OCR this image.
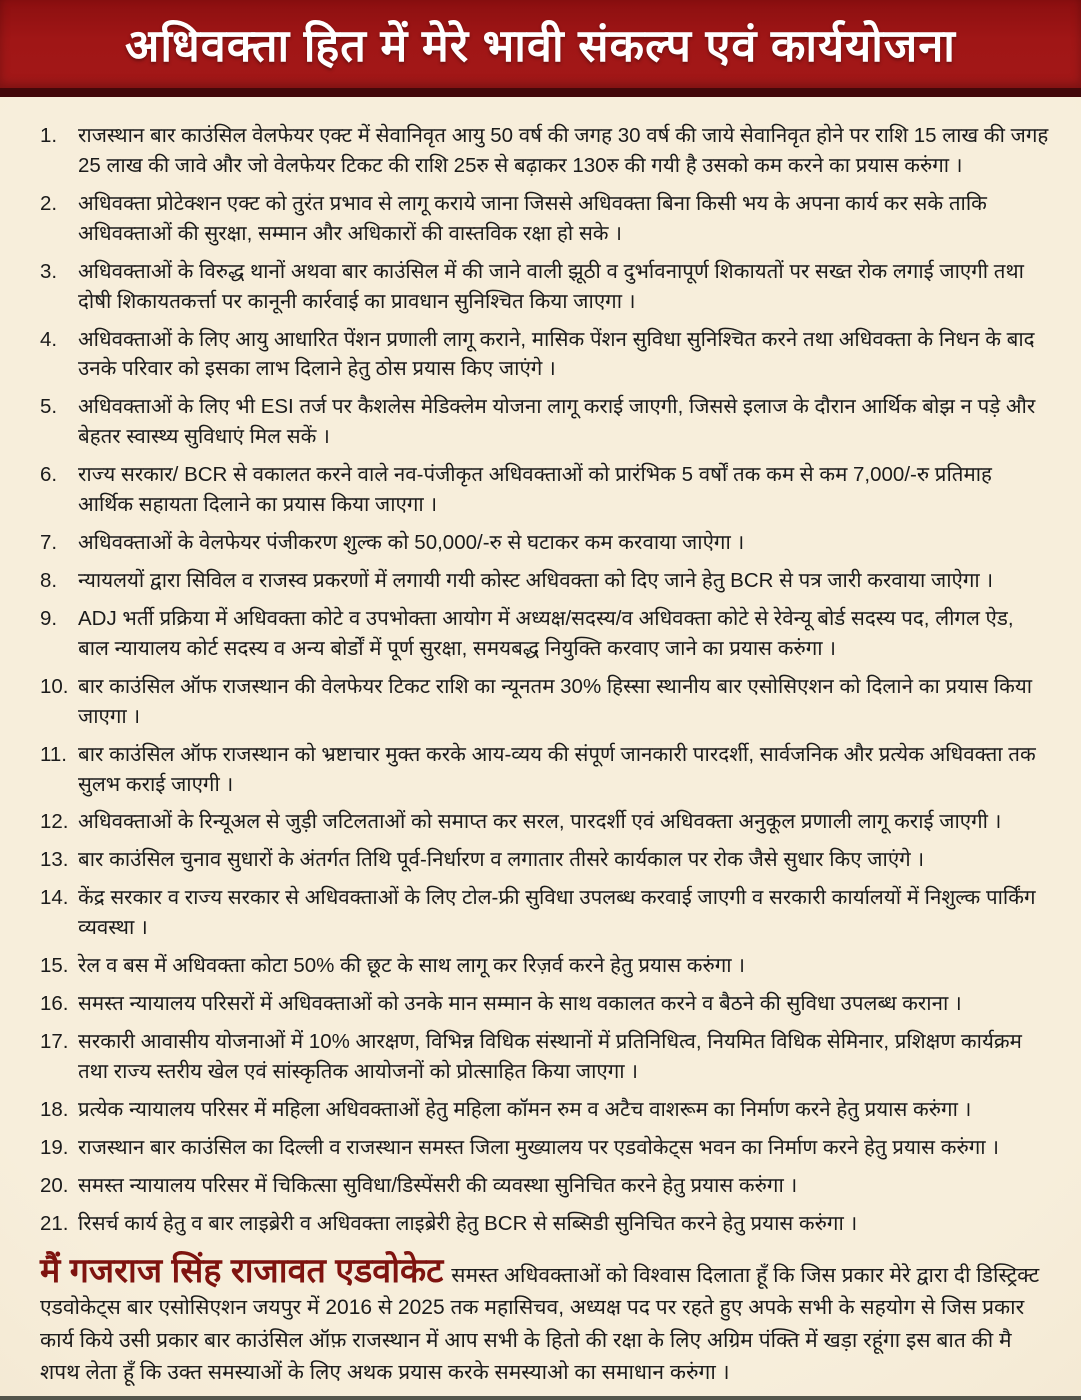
अधिवक्ता हित में मेरे भावी संकल्प एवं कार्ययोजना
1.	राजस्थान बार काउंसिल वेलफेयर एक्ट में सेवानिवृत आयु 50 वर्ष की जगह 30 वर्ष की जाये सेवानिवृत होने पर राशि 15 लाख की जगह 25 लाख की जावे और जो वेलफेयर टिकट की राशि 25रु से बढ़ाकर 130रु की गयी है उसको कम करने का प्रयास करुंगा ।
2.	अधिवक्ता प्रोटेक्शन एक्ट को तुरंत प्रभाव से लागू कराये जाना जिससे अधिवक्ता बिना किसी भय के अपना कार्य कर सके ताकि अधिवक्ताओं की सुरक्षा, सम्मान और अधिकारों की वास्तविक रक्षा हो सके ।
3.	अधिवक्ताओं के विरुद्ध थानों अथवा बार काउंसिल में की जाने वाली झूठी व दुर्भावनापूर्ण शिकायतों पर सख्त रोक लगाई जाएगी तथा दोषी शिकायतकर्त्ता पर कानूनी कार्रवाई का प्रावधान सुनिश्चित किया जाएगा ।
4.	अधिवक्ताओं के लिए आयु आधारित पेंशन प्रणाली लागू कराने, मासिक पेंशन सुविधा सुनिश्चित करने तथा अधिवक्ता के निधन के बाद उनके परिवार को इसका लाभ दिलाने हेतु ठोस प्रयास किए जाएंगे ।
5.	अधिवक्ताओं के लिए भी ESI तर्ज पर कैशलेस मेडिक्लेम योजना लागू कराई जाएगी, जिससे इलाज के दौरान आर्थिक बोझ न पड़े और बेहतर स्वास्थ्य सुविधाएं मिल सकें ।
6.	राज्य सरकार/ BCR से वकालत करने वाले नव-पंजीकृत अधिवक्ताओं को प्रारंभिक 5 वर्षों तक कम से कम 7,000/-रु प्रतिमाह आर्थिक सहायता दिलाने का प्रयास किया जाएगा ।
7.	अधिवक्ताओं के वेलफेयर पंजीकरण शुल्क को 50,000/-रु से घटाकर कम करवाया जाऐगा ।
8.	न्यायलयों द्वारा सिविल व राजस्व प्रकरणों में लगायी गयी कोस्ट अधिवक्ता को दिए जाने हेतु BCR से पत्र जारी करवाया जाऐगा ।
9.	ADJ भर्ती प्रक्रिया में अधिवक्ता कोटे व उपभोक्ता आयोग में अध्यक्ष/सदस्य/व अधिवक्ता कोटे से रेवेन्यू बोर्ड सदस्य पद, लीगल ऐड, बाल न्यायालय कोर्ट सदस्य व अन्य बोर्डों में पूर्ण सुरक्षा, समयबद्ध नियुक्ति करवाए जाने का प्रयास करुंगा ।
10. बार काउंसिल ऑफ राजस्थान की वेलफेयर टिकट राशि का न्यूनतम 30% हिस्सा स्थानीय बार एसोसिएशन को दिलाने का प्रयास किया जाएगा ।
11. बार काउंसिल ऑफ राजस्थान को भ्रष्टाचार मुक्त करके आय-व्यय की संपूर्ण जानकारी पारदर्शी, सार्वजनिक और प्रत्येक अधिवक्ता तक सुलभ कराई जाएगी ।
12. अधिवक्ताओं के रिन्यूअल से जुड़ी जटिलताओं को समाप्त कर सरल, पारदर्शी एवं अधिवक्ता अनुकूल प्रणाली लागू कराई जाएगी ।
13. बार काउंसिल चुनाव सुधारों के अंतर्गत तिथि पूर्व-निर्धारण व लगातार तीसरे कार्यकाल पर रोक जैसे सुधार किए जाएंगे ।
14. केंद्र सरकार व राज्य सरकार से अधिवक्ताओं के लिए टोल-फ्री सुविधा उपलब्ध करवाई जाएगी व सरकारी कार्यालयों में निशुल्क पार्किंग व्यवस्था ।
15. रेल व बस में अधिवक्ता कोटा 50% की छूट के साथ लागू कर रिज़र्व करने हेतु प्रयास करुंगा ।
16. समस्त न्यायालय परिसरों में अधिवक्ताओं को उनके मान सम्मान के साथ वकालत करने व बैठने की सुविधा उपलब्ध कराना ।
17. सरकारी आवासीय योजनाओं में 10% आरक्षण, विभिन्न विधिक संस्थानों में प्रतिनिधित्व, नियमित विधिक सेमिनार, प्रशिक्षण कार्यक्रम तथा राज्य स्तरीय खेल एवं सांस्कृतिक आयोजनों को प्रोत्साहित किया जाएगा ।
18. प्रत्येक न्यायालय परिसर में महिला अधिवक्ताओं हेतु महिला कॉमन रुम व अटैच वाशरूम का निर्माण करने हेतु प्रयास करुंगा ।
19. राजस्थान बार काउंसिल का दिल्ली व राजस्थान समस्त जिला मुख्यालय पर एडवोकेट्स भवन का निर्माण करने हेतु प्रयास करुंगा ।
20. समस्त न्यायालय परिसर में चिकित्सा सुविधा/डिस्पेंसरी की व्यवस्था सुनिचित करने हेतु प्रयास करुंगा ।
21. रिसर्च कार्य हेतु व बार लाइब्रेरी व अधिवक्ता लाइब्रेरी हेतु BCR से सब्सिडी सुनिचित करने हेतु प्रयास करुंगा ।

मैं गजराज सिंह राजावत एडवोकेट समस्त अधिवक्ताओं को विश्वास दिलाता हूँ कि जिस प्रकार मेरे द्वारा दी डिस्ट्रिक्ट एडवोकेट्स बार एसोसिएशन जयपुर में 2016 से 2025 तक महासिचव, अध्यक्ष पद पर रहते हुए अपके सभी के सहयोग से जिस प्रकार कार्य किये उसी प्रकार बार काउंसिल ऑफ़ राजस्थान में आप सभी के हितो की रक्षा के लिए अग्रिम पंक्ति में खड़ा रहूंगा इस बात की मै शपथ लेता हूँ कि उक्त समस्याओं के लिए अथक प्रयास करके समस्याओ का समाधान करुंगा ।
